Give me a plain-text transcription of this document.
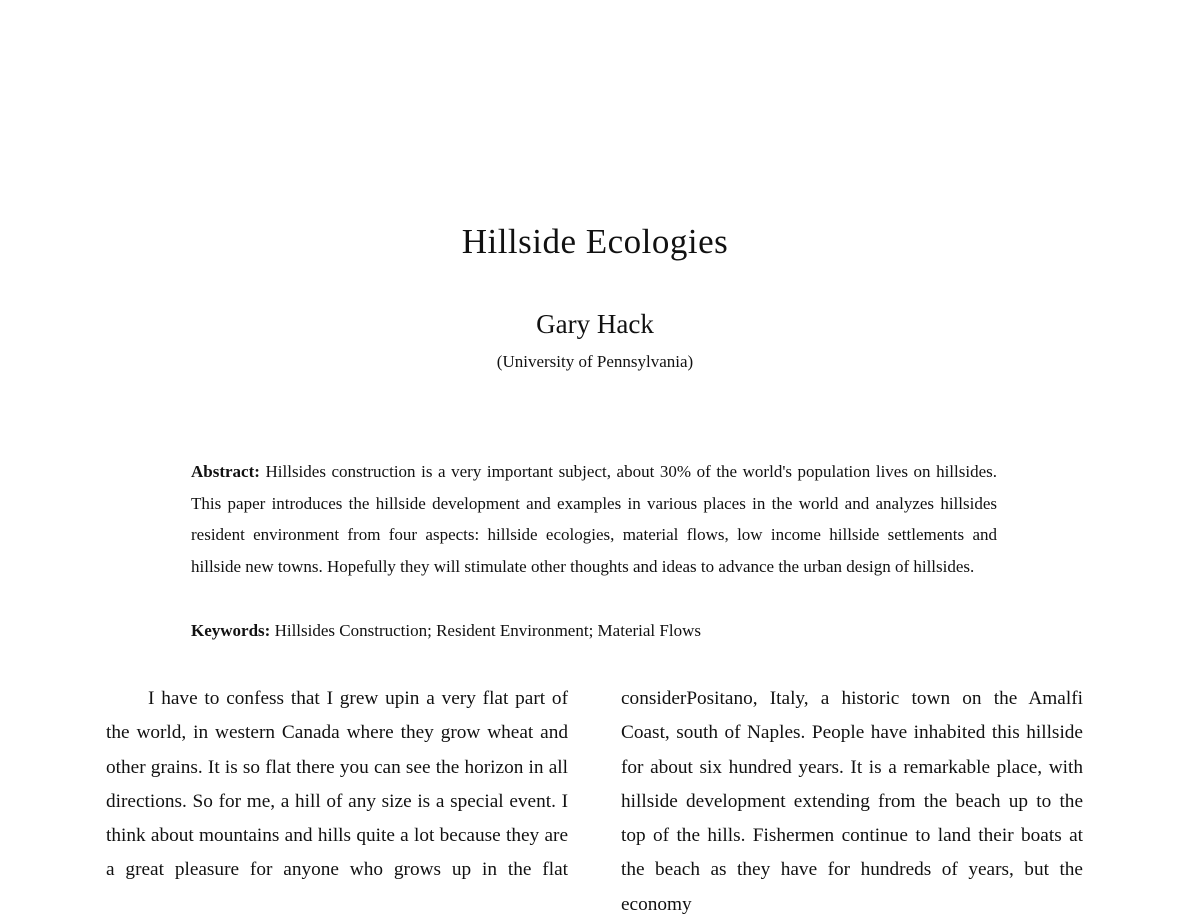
Hillside Ecologies
Gary Hack
(University of Pennsylvania)
Abstract: Hillsides construction is a very important subject, about 30% of the world's population lives on hillsides. This paper introduces the hillside development and examples in various places in the world and analyzes hillsides resident environment from four aspects: hillside ecologies, material flows, low income hillside settlements and hillside new towns. Hopefully they will stimulate other thoughts and ideas to advance the urban design of hillsides.
Keywords: Hillsides Construction; Resident Environment; Material Flows

I have to confess that I grew upin a very flat part of the world, in western Canada where they grow wheat and other grains. It is so flat there you can see the horizon in all directions. So for me, a hill of any size is a special event. I think about mountains and hills quite a lot because they are a great pleasure for anyone who grows up in the flat

considerPositano, Italy, a historic town on the Amalfi Coast, south of Naples. People have inhabited this hillside for about six hundred years. It is a remarkable place, with hillside development extending from the beach up to the top of the hills. Fishermen continue to land their boats at the beach as they have for hundreds of years, but the economy
